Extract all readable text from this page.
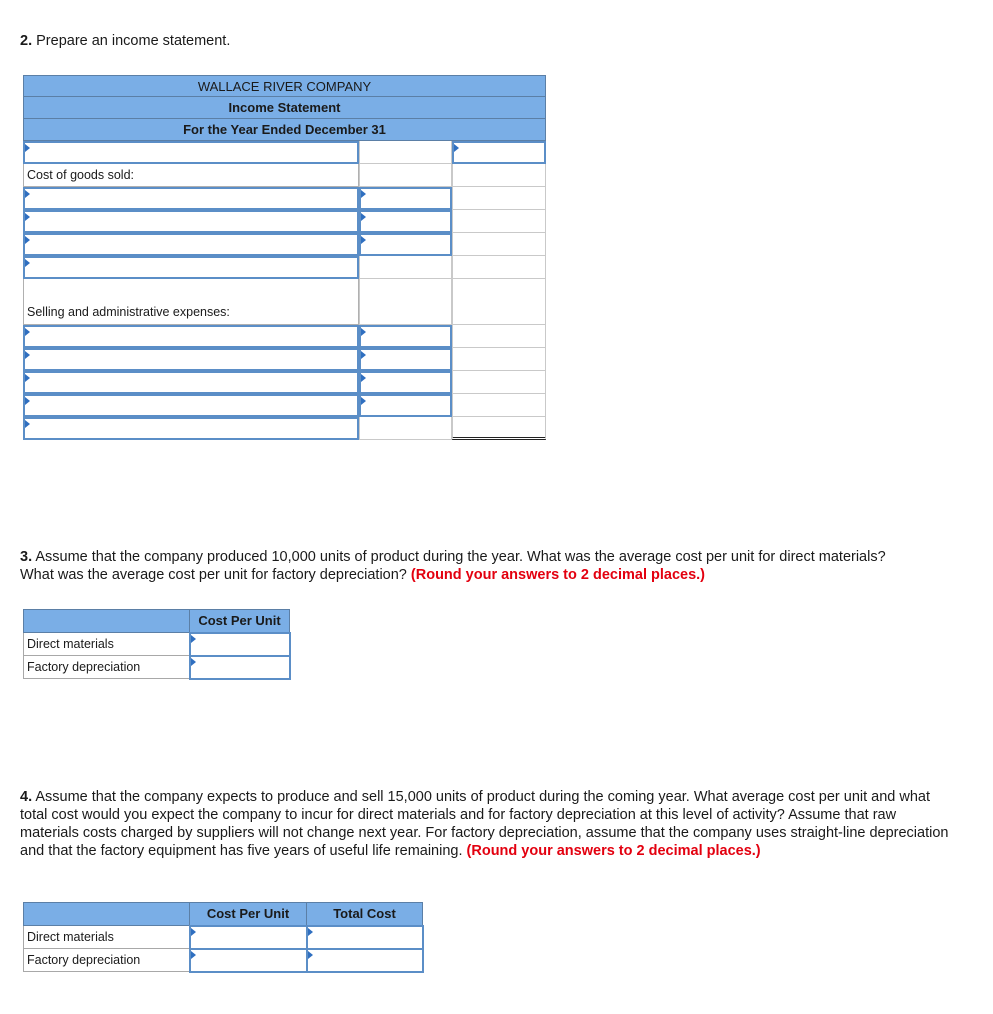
2. Prepare an income statement.
WALLACE RIVER COMPANY
Income Statement
For the Year Ended December 31
Cost of goods sold:
Selling and administrative expenses:
3. Assume that the company produced 10,000 units of product during the year. What was the average cost per unit for direct materials? What was the average cost per unit for factory depreciation? (Round your answers to 2 decimal places.)
	Cost Per Unit
Direct materials	

Factory depreciation	
4. Assume that the company expects to produce and sell 15,000 units of product during the coming year. What average cost per unit and what total cost would you expect the company to incur for direct materials and for factory depreciation at this level of activity? Assume that raw materials costs charged by suppliers will not change next year. For factory depreciation, assume that the company uses straight-line depreciation and that the factory equipment has five years of useful life remaining. (Round your answers to 2 decimal places.)
	Cost Per Unit	Total Cost
Direct materials	

Factory depreciation	
